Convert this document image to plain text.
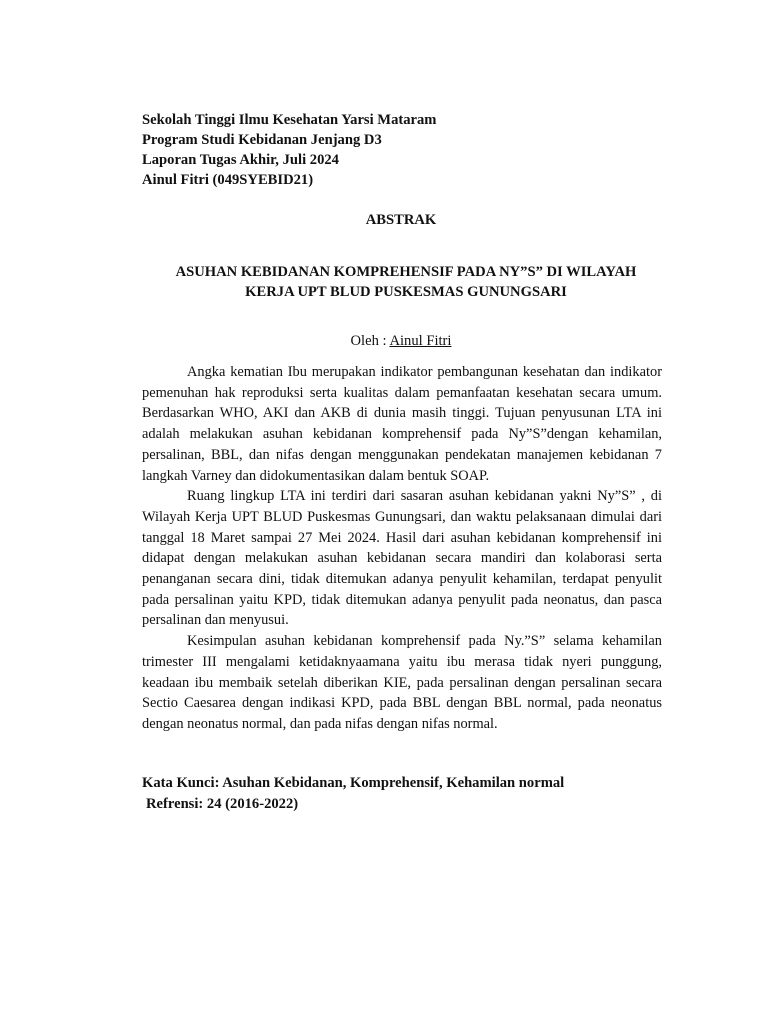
Sekolah Tinggi Ilmu Kesehatan Yarsi Mataram
Program Studi Kebidanan Jenjang D3
Laporan Tugas Akhir, Juli 2024
Ainul Fitri (049SYEBID21)
ABSTRAK
ASUHAN KEBIDANAN KOMPREHENSIF PADA NY”S” DI WILAYAH
KERJA UPT BLUD PUSKESMAS GUNUNGSARI
Oleh : Ainul Fitri

Angka kematian Ibu merupakan indikator pembangunan kesehatan dan indikator pemenuhan hak reproduksi serta kualitas dalam pemanfaatan kesehatan secara umum. Berdasarkan WHO, AKI dan AKB di dunia masih tinggi. Tujuan penyusunan LTA ini adalah melakukan asuhan kebidanan komprehensif pada Ny”S”dengan kehamilan, persalinan, BBL, dan nifas dengan menggunakan pendekatan manajemen kebidanan 7 langkah Varney dan didokumentasikan dalam bentuk SOAP.

Ruang lingkup LTA ini terdiri dari sasaran asuhan kebidanan yakni Ny”S” , di Wilayah Kerja UPT BLUD Puskesmas Gunungsari, dan waktu pelaksanaan dimulai dari tanggal 18 Maret sampai 27 Mei 2024. Hasil dari asuhan kebidanan komprehensif ini didapat dengan melakukan asuhan kebidanan secara mandiri dan kolaborasi serta penanganan secara dini, tidak ditemukan adanya penyulit kehamilan, terdapat penyulit pada persalinan yaitu KPD, tidak ditemukan adanya penyulit pada neonatus, dan pasca persalinan dan menyusui.

Kesimpulan asuhan kebidanan komprehensif pada Ny.”S” selama kehamilan trimester III mengalami ketidaknyaamana yaitu ibu merasa tidak nyeri punggung, keadaan ibu membaik setelah diberikan KIE, pada persalinan dengan persalinan secara Sectio Caesarea dengan indikasi KPD, pada BBL dengan BBL normal, pada neonatus dengan neonatus normal, dan pada nifas dengan nifas normal.

Kata Kunci: Asuhan Kebidanan, Komprehensif, Kehamilan normal
Refrensi: 24 (2016-2022)
